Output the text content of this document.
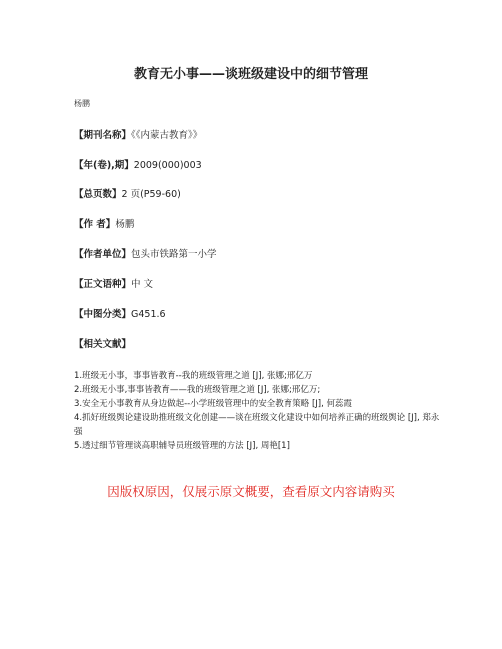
教育无小事——谈班级建设中的细节管理
杨鹏
【期刊名称】《《内蒙古教育》》
【年(卷),期】2009(000)003
【总页数】2 页(P59-60)
【作 者】杨鹏
【作者单位】包头市铁路第一小学
【正文语种】中 文
【中图分类】G451.6
【相关文献】
1.班级无小事，事事皆教育--我的班级管理之道 [J], 张娜;邢亿万
2.班级无小事,事事皆教育——我的班级管理之道 [J], 张娜;邢亿万;
3.安全无小事教育从身边做起--小学班级管理中的安全教育策略 [J], 何蕊霞
4.抓好班级舆论建设助推班级文化创建——谈在班级文化建设中如何培养正确的班级舆论 [J], 郑永强
5.透过细节管理谈高职辅导员班级管理的方法 [J], 周艳[1]
因版权原因，仅展示原文概要，查看原文内容请购买
